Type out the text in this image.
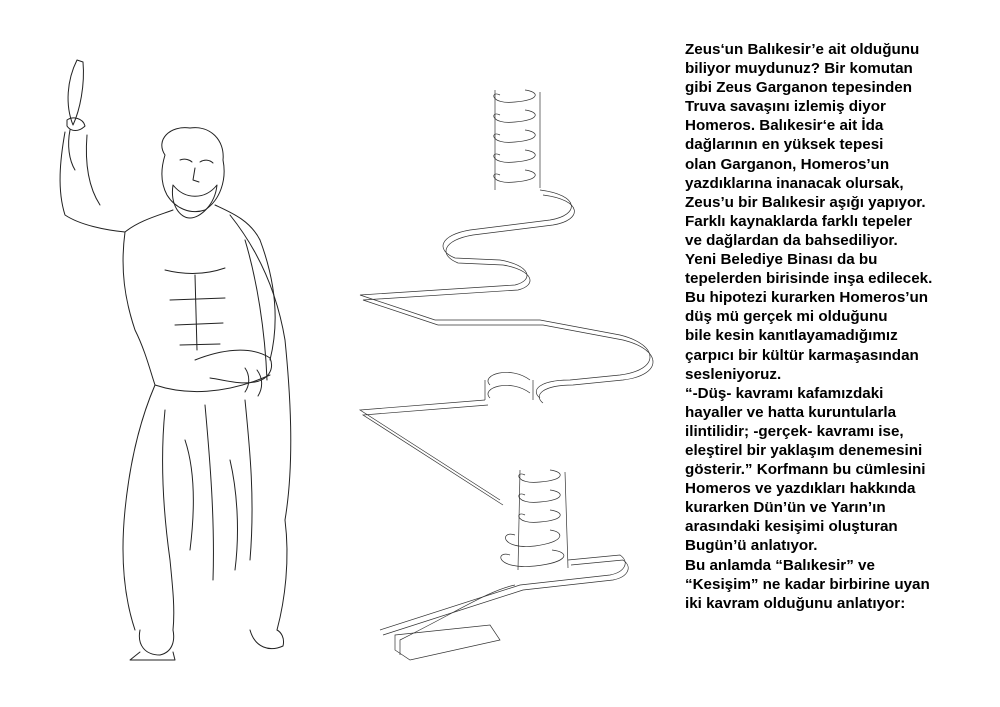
Zeus‘un Balıkesir’e ait olduğunu
biliyor muydunuz? Bir komutan
gibi Zeus Garganon tepesinden
Truva savaşını izlemiş diyor
Homeros. Balıkesir‘e ait İda
dağlarının en yüksek tepesi
olan Garganon, Homeros’un
yazdıklarına inanacak olursak,
Zeus’u bir Balıkesir aşığı yapıyor.
Farklı kaynaklarda farklı tepeler
ve dağlardan da bahsediliyor.
Yeni Belediye Binası da bu
tepelerden birisinde inşa edilecek.
Bu hipotezi kurarken Homeros’un
düş mü gerçek mi olduğunu
bile kesin kanıtlayamadığımız
çarpıcı bir kültür karmaşasından
sesleniyoruz.
“-Düş- kavramı kafamızdaki
hayaller ve hatta kuruntularla
ilintilidir; -gerçek- kavramı ise,
eleştirel bir yaklaşım denemesini
gösterir.” Korfmann bu cümlesini
Homeros ve yazdıkları hakkında
kurarken Dün’ün ve Yarın’ın
arasındaki kesişimi oluşturan
Bugün’ü anlatıyor.
Bu anlamda “Balıkesir” ve
“Kesişim” ne kadar birbirine uyan
iki kavram olduğunu anlatıyor:
